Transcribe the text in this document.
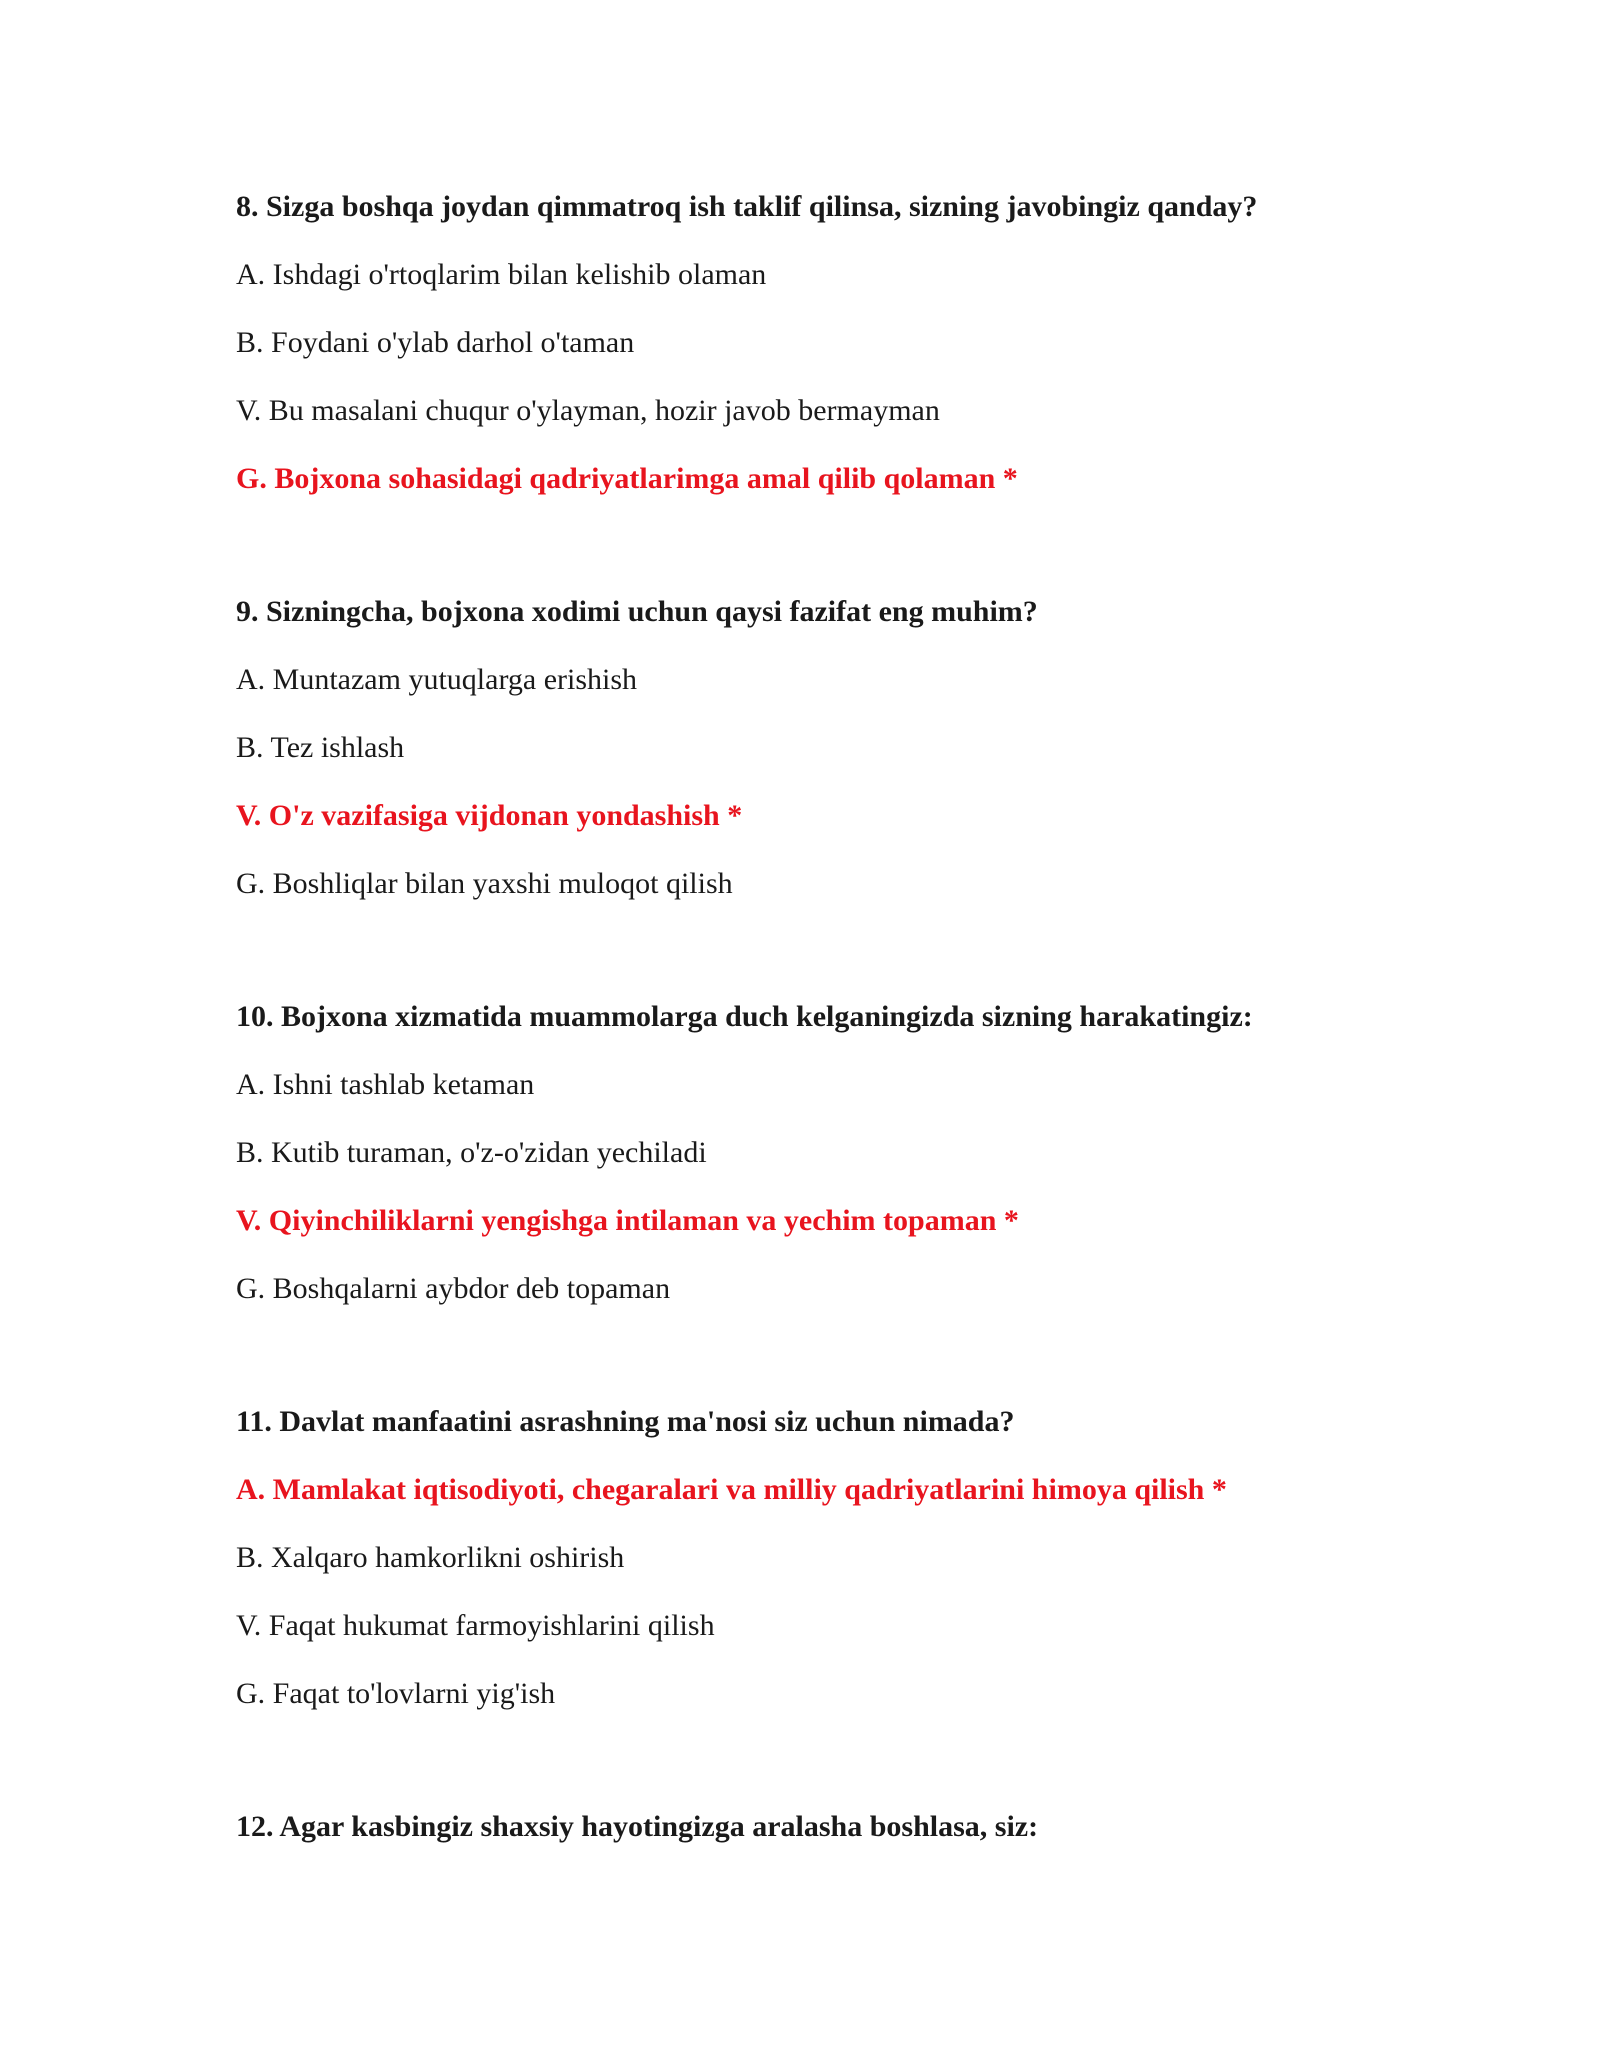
8. Sizga boshqa joydan qimmatroq ish taklif qilinsa, sizning javobingiz qanday?
A. Ishdagi o'rtoqlarim bilan kelishib olaman
B. Foydani o'ylab darhol o'taman
V. Bu masalani chuqur o'ylayman, hozir javob bermayman
G. Bojxona sohasidagi qadriyatlarimga amal qilib qolaman *
9. Sizningcha, bojxona xodimi uchun qaysi fazifat eng muhim?
A. Muntazam yutuqlarga erishish
B. Tez ishlash
V. O'z vazifasiga vijdonan yondashish *
G. Boshliqlar bilan yaxshi muloqot qilish
10. Bojxona xizmatida muammolarga duch kelganingizda sizning harakatingiz:
A. Ishni tashlab ketaman
B. Kutib turaman, o'z-o'zidan yechiladi
V. Qiyinchiliklarni yengishga intilaman va yechim topaman *
G. Boshqalarni aybdor deb topaman
11. Davlat manfaatini asrashning ma'nosi siz uchun nimada?
A. Mamlakat iqtisodiyoti, chegaralari va milliy qadriyatlarini himoya qilish *
B. Xalqaro hamkorlikni oshirish
V. Faqat hukumat farmoyishlarini qilish
G. Faqat to'lovlarni yig'ish
12. Agar kasbingiz shaxsiy hayotingizga aralasha boshlasa, siz:
